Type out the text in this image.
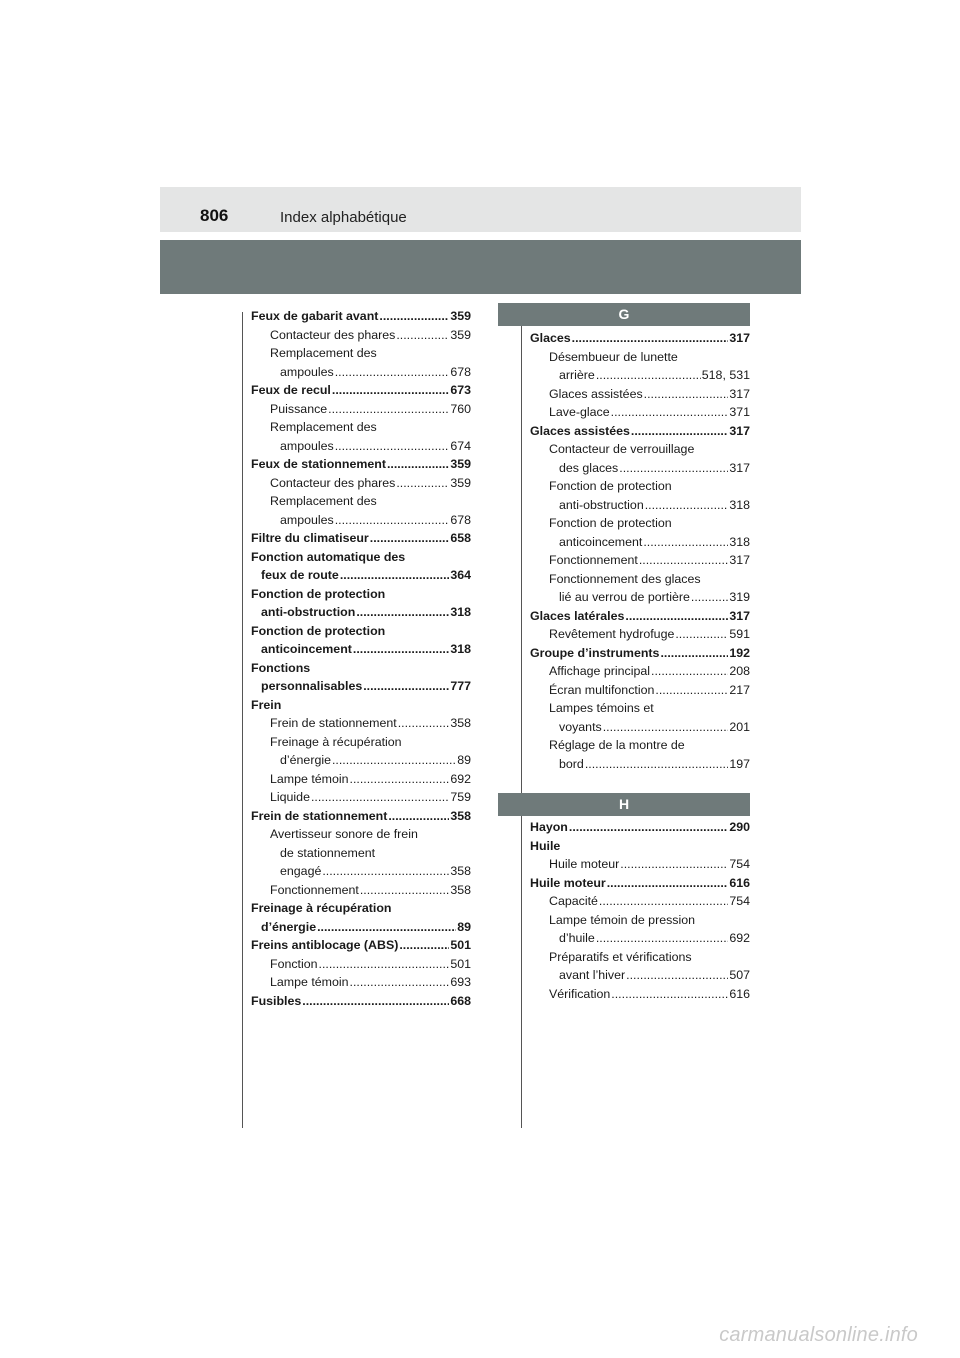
806	Index alphabétique
Feux de gabarit avant .....	359
Contacteur des phares .....	359
Remplacement des
ampoules .....	678
Feux de recul .....	673
Puissance .....	760
Remplacement des
ampoules .....	674
Feux de stationnement .....	359
Contacteur des phares .....	359
Remplacement des
ampoules .....	678
Filtre du climatiseur .....	658
Fonction automatique des
feux de route .....	364
Fonction de protection
anti-obstruction .....	318
Fonction de protection
anticoincement .....	318
Fonctions
personnalisables .....	777
Frein
Frein de stationnement .....	358
Freinage à récupération
d’énergie .....	89
Lampe témoin .....	692
Liquide .....	759
Frein de stationnement .....	358
Avertisseur sonore de frein
de stationnement
engagé .....	358
Fonctionnement .....	358
Freinage à récupération
d’énergie .....	89
Freins antiblocage (ABS) .....	501
Fonction .....	501
Lampe témoin .....	693
Fusibles .....	668
G
Glaces .....	317
Désembueur de lunette
arrière .....	518, 531
Glaces assistées .....	317
Lave-glace .....	371
Glaces assistées .....	317
Contacteur de verrouillage
des glaces .....	317
Fonction de protection
anti-obstruction .....	318
Fonction de protection
anticoincement .....	318
Fonctionnement .....	317
Fonctionnement des glaces
lié au verrou de portière .....	319
Glaces latérales .....	317
Revêtement hydrofuge .....	591
Groupe d’instruments .....	192
Affichage principal .....	208
Écran multifonction .....	217
Lampes témoins et
voyants .....	201
Réglage de la montre de
bord .....	197
H
Hayon .....	290
Huile
Huile moteur .....	754
Huile moteur .....	616
Capacité .....	754
Lampe témoin de pression
d’huile .....	692
Préparatifs et vérifications
avant l’hiver .....	507
Vérification .....	616
carmanualsonline.info
